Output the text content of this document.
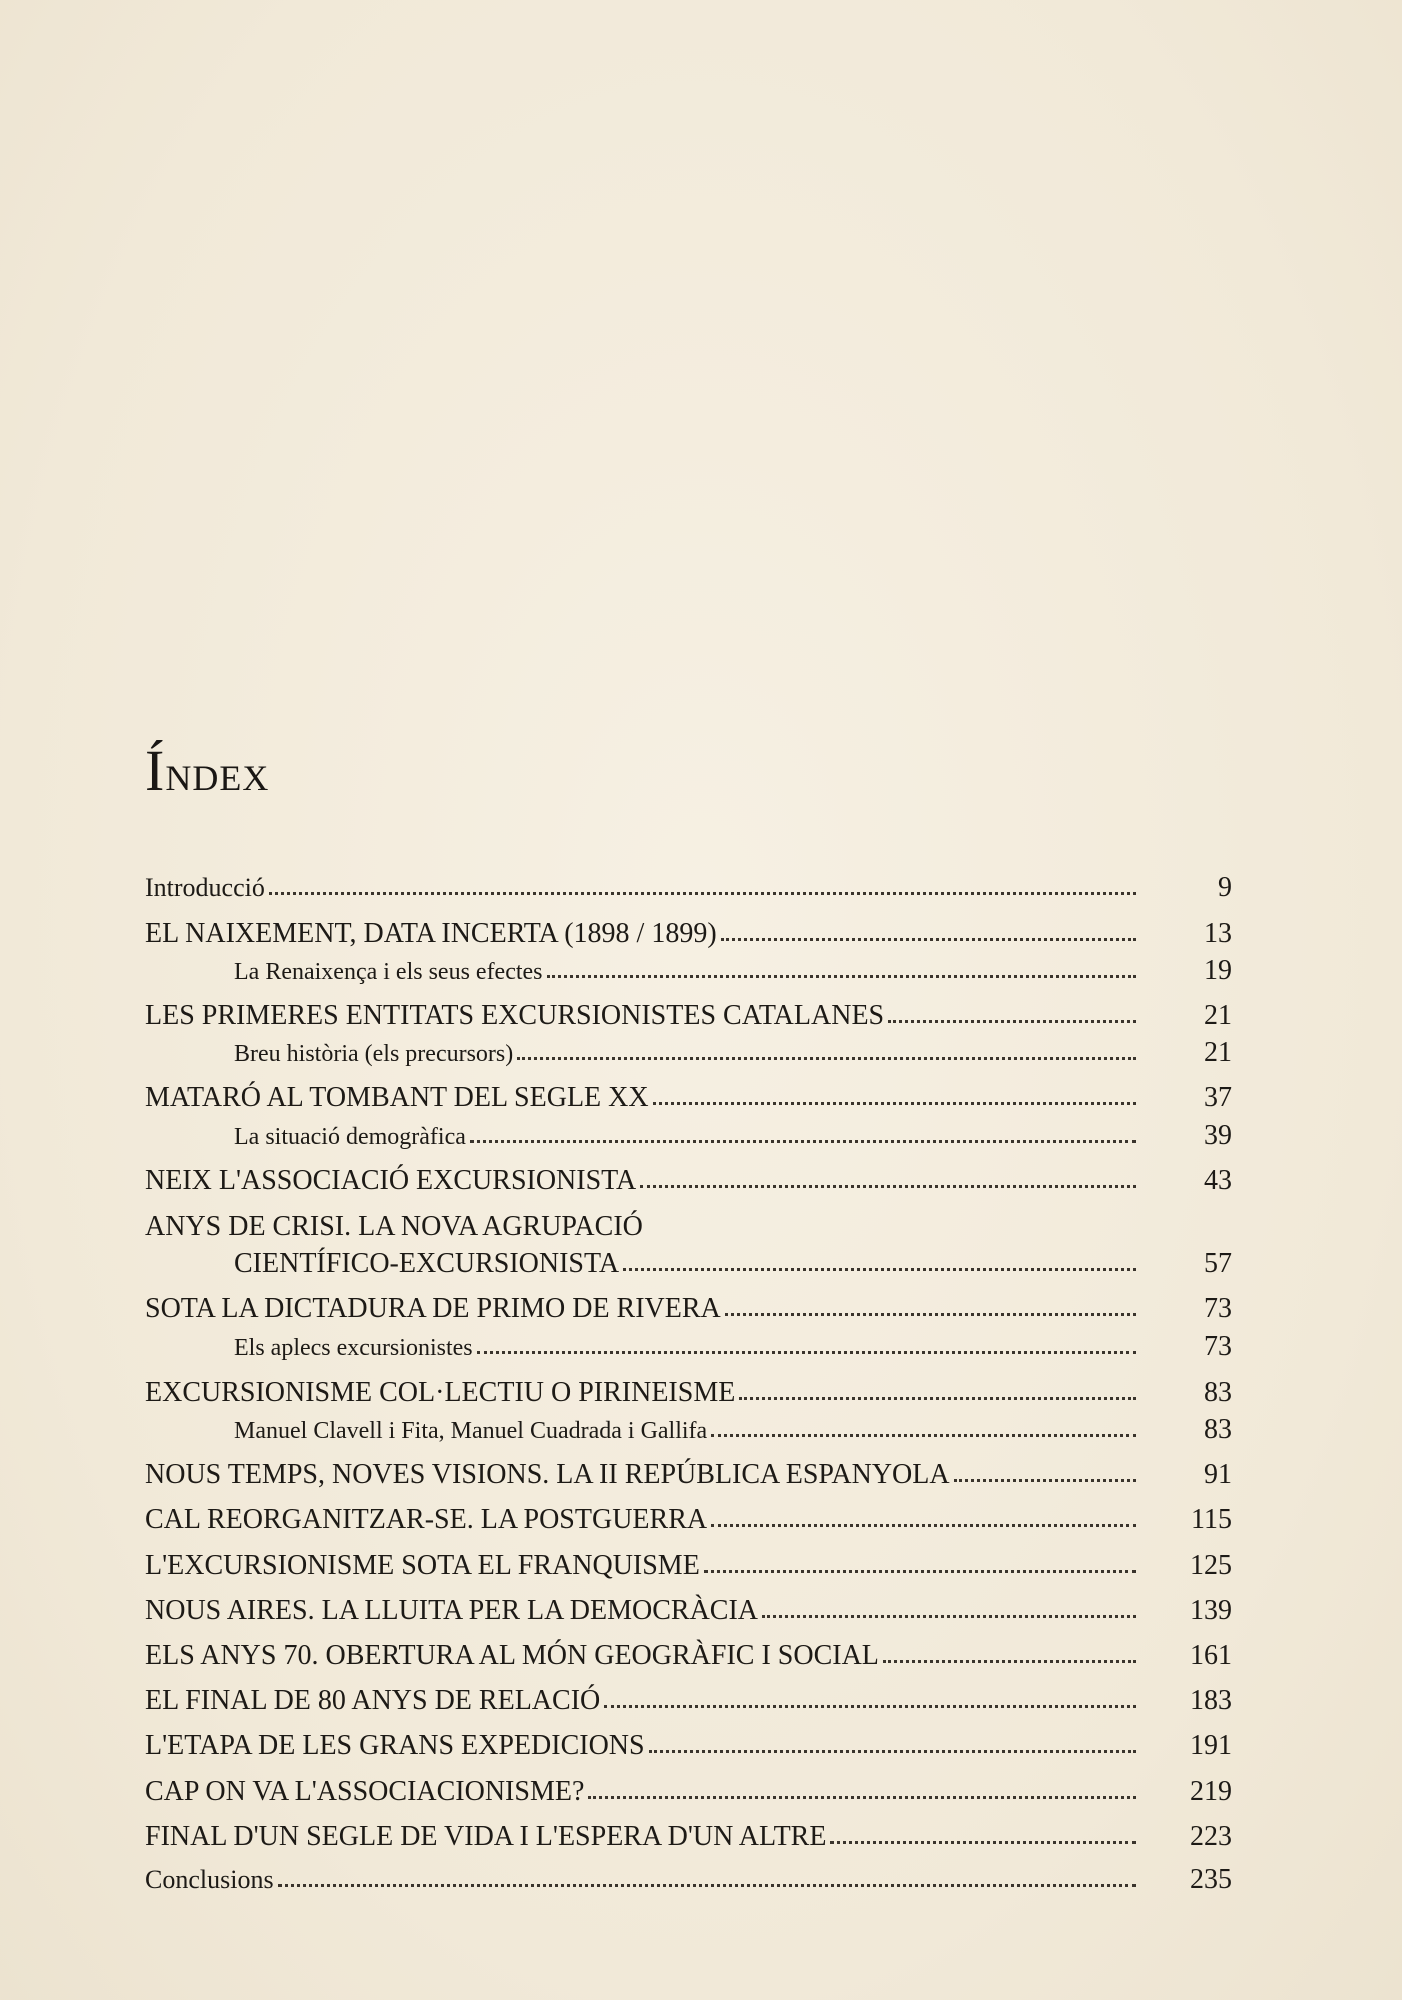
ÍNDEX
Introducció	9
EL NAIXEMENT, DATA INCERTA (1898 / 1899)	13
La Renaixença i els seus efectes	19
LES PRIMERES ENTITATS EXCURSIONISTES CATALANES	21
Breu història (els precursors)	21
MATARÓ AL TOMBANT DEL SEGLE XX	37
La situació demogràfica	39
NEIX L'ASSOCIACIÓ EXCURSIONISTA	43
ANYS DE CRISI. LA NOVA AGRUPACIÓ
CIENTÍFICO-EXCURSIONISTA	57
SOTA LA DICTADURA DE PRIMO DE RIVERA	73
Els aplecs excursionistes	73
EXCURSIONISME COL·LECTIU O PIRINEISME	83
Manuel Clavell i Fita, Manuel Cuadrada i Gallifa	83
NOUS TEMPS, NOVES VISIONS. LA II REPÚBLICA ESPANYOLA	91
CAL REORGANITZAR-SE. LA POSTGUERRA	115
L'EXCURSIONISME SOTA EL FRANQUISME	125
NOUS AIRES. LA LLUITA PER LA DEMOCRÀCIA	139
ELS ANYS 70. OBERTURA AL MÓN GEOGRÀFIC I SOCIAL	161
EL FINAL DE 80 ANYS DE RELACIÓ	183
L'ETAPA DE LES GRANS EXPEDICIONS	191
CAP ON VA L'ASSOCIACIONISME?	219
FINAL D'UN SEGLE DE VIDA I L'ESPERA D'UN ALTRE	223
Conclusions	235
